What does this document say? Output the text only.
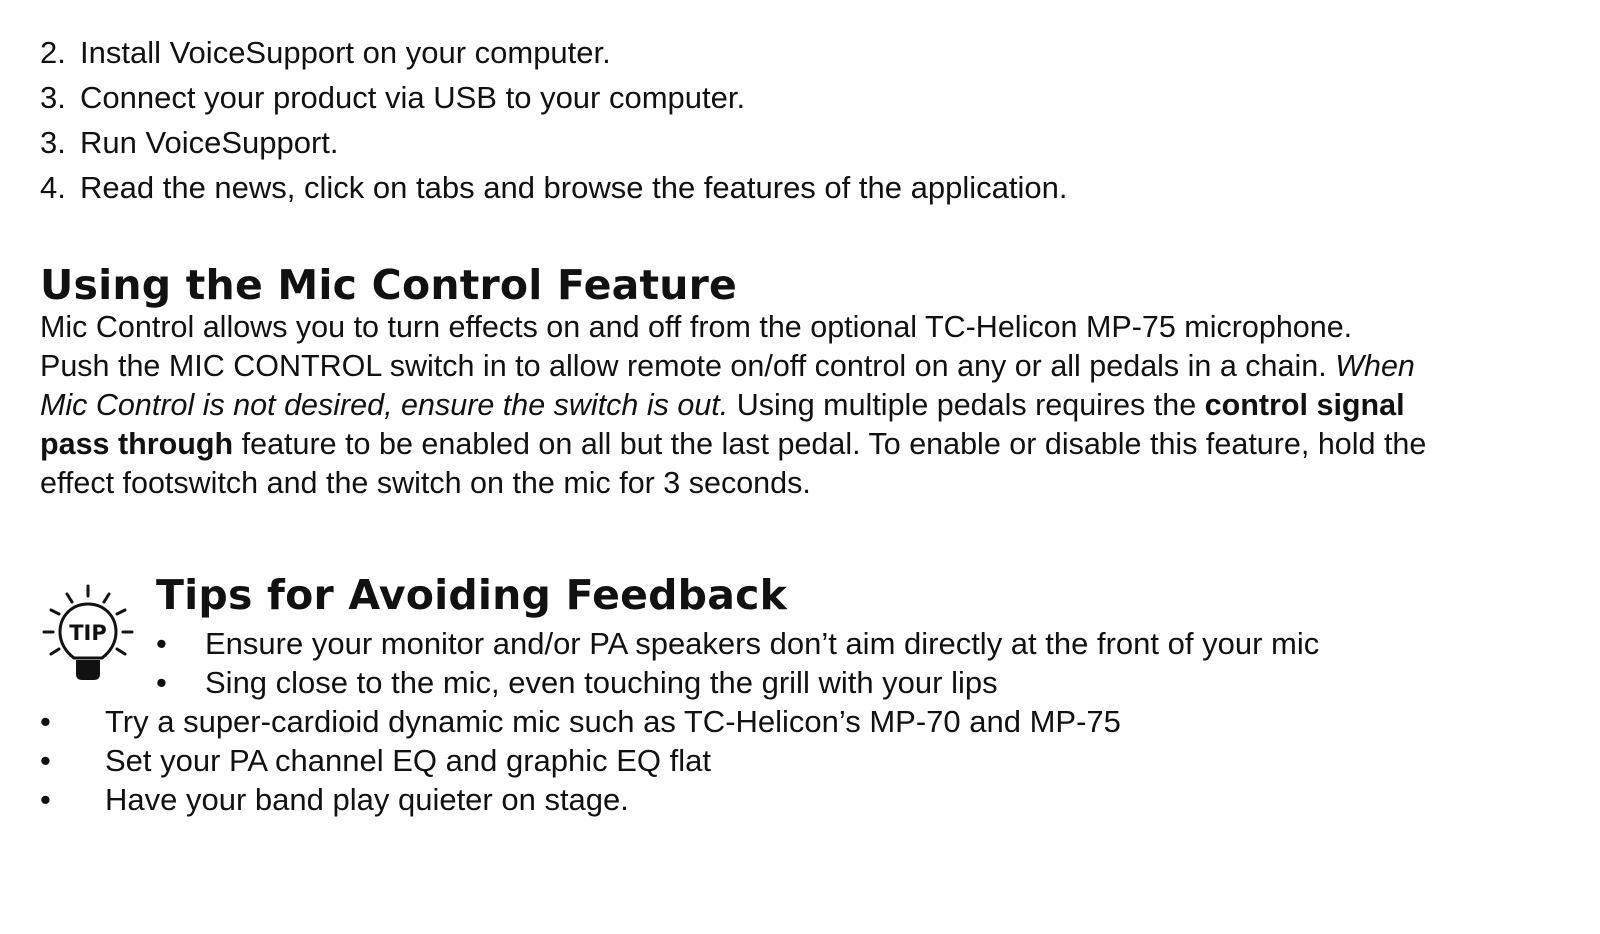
2. Install VoiceSupport on your computer.
3. Connect your product via USB to your computer.
3. Run VoiceSupport.
4. Read the news, click on tabs and browse the features of the application.
Using the Mic Control Feature

Mic Control allows you to turn effects on and off from the optional TC-Helicon MP-75 microphone.
Push the MIC CONTROL switch in to allow remote on/off control on any or all pedals in a chain. When
Mic Control is not desired, ensure the switch is out. Using multiple pedals requires the control signal
pass through feature to be enabled on all but the last pedal. To enable or disable this feature, hold the
effect footswitch and the switch on the mic for 3 seconds.

TIP
Tips for Avoiding Feedback
• Ensure your monitor and/or PA speakers don’t aim directly at the front of your mic
• Sing close to the mic, even touching the grill with your lips
• Try a super-cardioid dynamic mic such as TC-Helicon’s MP-70 and MP-75
• Set your PA channel EQ and graphic EQ flat
• Have your band play quieter on stage.
